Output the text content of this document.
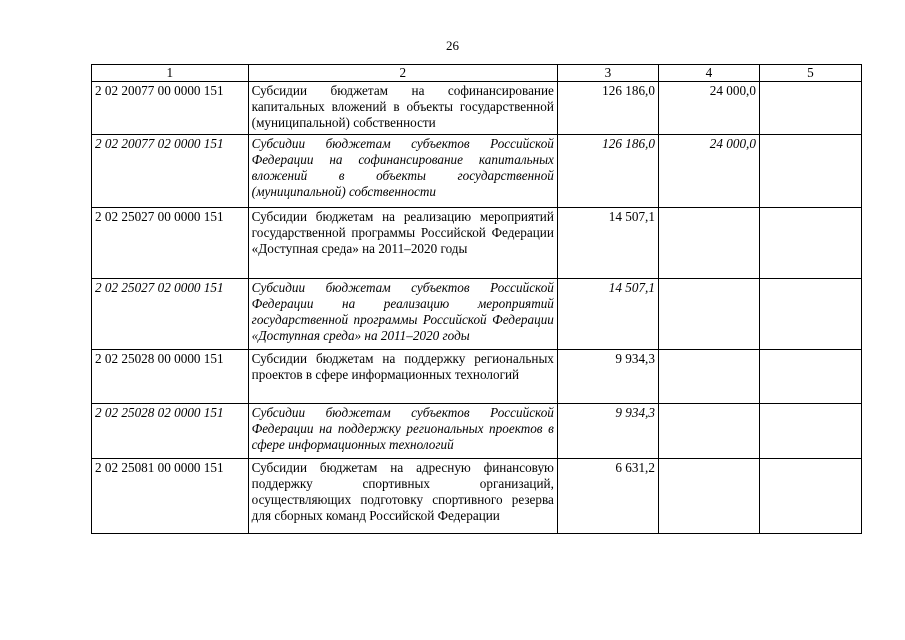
26
1	2	3	4	5
2 02 20077 00 0000 151	Субсидии бюджетам на софинансирование капитальных вложений в объекты государственной (муниципальной) собственности	126 186,0	24 000,0	
2 02 20077 02 0000 151	Субсидии бюджетам субъектов Российской Федерации на софинансирование капитальных вложений в объекты государственной (муниципальной) собственности	126 186,0	24 000,0	
2 02 25027 00 0000 151	Субсидии бюджетам на реализацию мероприятий государственной программы Российской Федерации «Доступная среда» на 2011–2020 годы	14 507,1		
2 02 25027 02 0000 151	Субсидии бюджетам субъектов Российской Федерации на реализацию мероприятий государственной программы Российской Федерации «Доступная среда» на 2011–2020 годы	14 507,1		
2 02 25028 00 0000 151	Субсидии бюджетам на поддержку региональных проектов в сфере информационных технологий	9 934,3		
2 02 25028 02 0000 151	Субсидии бюджетам субъектов Российской Федерации на поддержку региональных проектов в сфере информационных технологий	9 934,3		
2 02 25081 00 0000 151	Субсидии бюджетам на адресную финансовую поддержку спортивных организаций, осуществляющих подготовку спортивного резерва для сборных команд Российской Федерации	6 631,2		
